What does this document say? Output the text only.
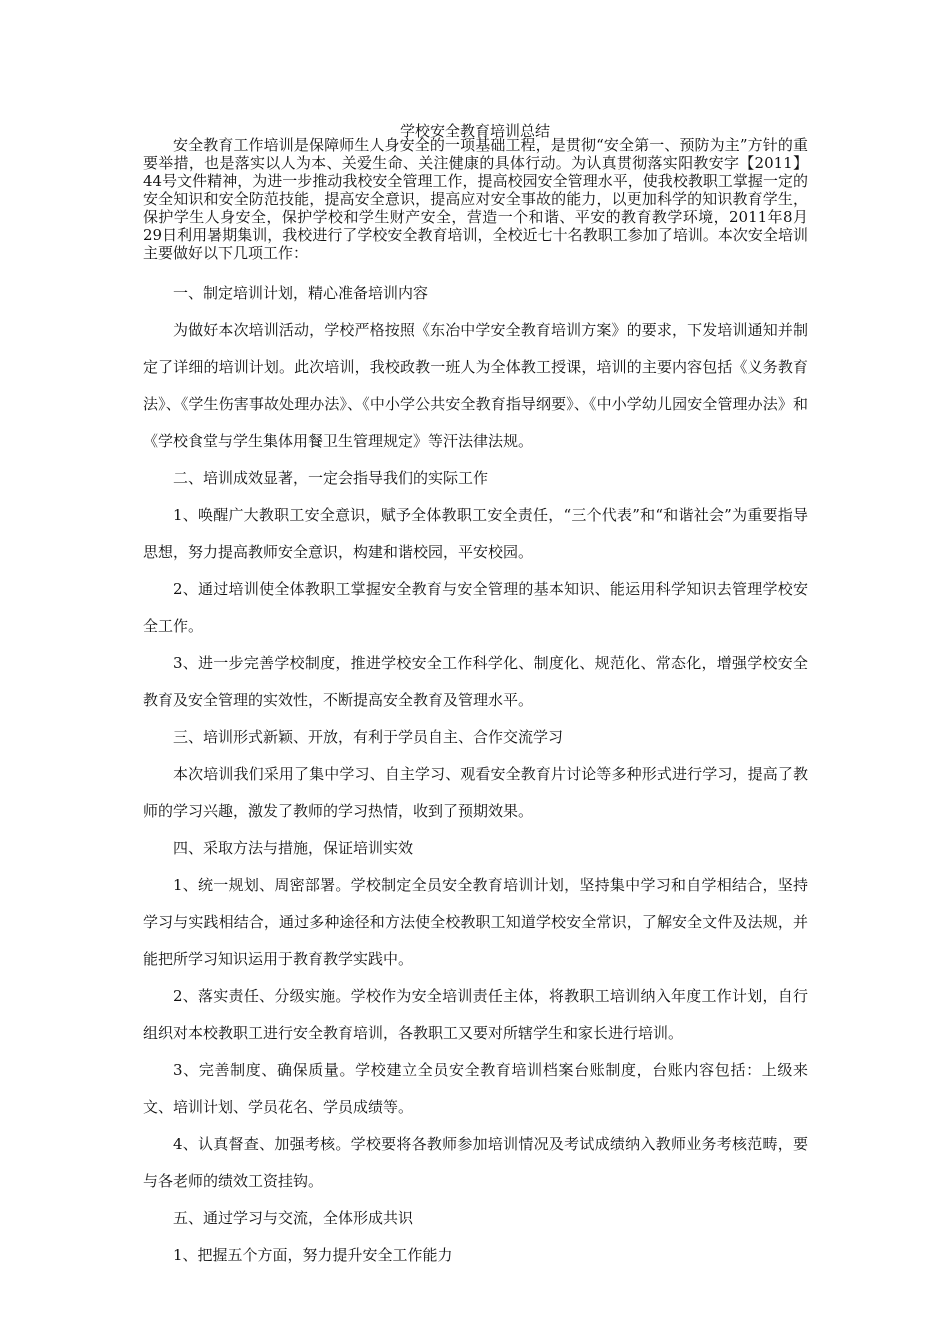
学校安全教育培训总结
安全教育工作培训是保障师生人身安全的一项基础工程，是贯彻“安全第一、预防为主”方针的重要举措，也是落实以人为本、关爱生命、关注健康的具体行动。为认真贯彻落实阳教安字【2011】44号文件精神，为进一步推动我校安全管理工作，提高校园安全管理水平，使我校教职工掌握一定的安全知识和安全防范技能，提高安全意识，提高应对安全事故的能力，以更加科学的知识教育学生，保护学生人身安全，保护学校和学生财产安全，营造一个和谐、平安的教育教学环境，2011年8月29日利用暑期集训，我校进行了学校安全教育培训，全校近七十名教职工参加了培训。本次安全培训主要做好以下几项工作：

一、制定培训计划，精心准备培训内容

为做好本次培训活动，学校严格按照《东冶中学安全教育培训方案》的要求，下发培训通知并制定了详细的培训计划。此次培训，我校政教一班人为全体教工授课，培训的主要内容包括《义务教育法》、《学生伤害事故处理办法》、《中小学公共安全教育指导纲要》、《中小学幼儿园安全管理办法》和《学校食堂与学生集体用餐卫生管理规定》等汗法律法规。

二、培训成效显著，一定会指导我们的实际工作

1、唤醒广大教职工安全意识，赋予全体教职工安全责任，“三个代表”和“和谐社会”为重要指导思想，努力提高教师安全意识，构建和谐校园，平安校园。

2、通过培训使全体教职工掌握安全教育与安全管理的基本知识、能运用科学知识去管理学校安全工作。

3、进一步完善学校制度，推进学校安全工作科学化、制度化、规范化、常态化，增强学校安全教育及安全管理的实效性，不断提高安全教育及管理水平。

三、培训形式新颖、开放，有利于学员自主、合作交流学习

本次培训我们采用了集中学习、自主学习、观看安全教育片讨论等多种形式进行学习，提高了教师的学习兴趣，激发了教师的学习热情，收到了预期效果。

四、采取方法与措施，保证培训实效

1、统一规划、周密部署。学校制定全员安全教育培训计划，坚持集中学习和自学相结合，坚持学习与实践相结合，通过多种途径和方法使全校教职工知道学校安全常识，了解安全文件及法规，并能把所学习知识运用于教育教学实践中。

2、落实责任、分级实施。学校作为安全培训责任主体，将教职工培训纳入年度工作计划，自行组织对本校教职工进行安全教育培训，各教职工又要对所辖学生和家长进行培训。

3、完善制度、确保质量。学校建立全员安全教育培训档案台账制度，台账内容包括：上级来文、培训计划、学员花名、学员成绩等。

4、认真督查、加强考核。学校要将各教师参加培训情况及考试成绩纳入教师业务考核范畴，要与各老师的绩效工资挂钩。

五、通过学习与交流，全体形成共识

1、把握五个方面，努力提升安全工作能力
